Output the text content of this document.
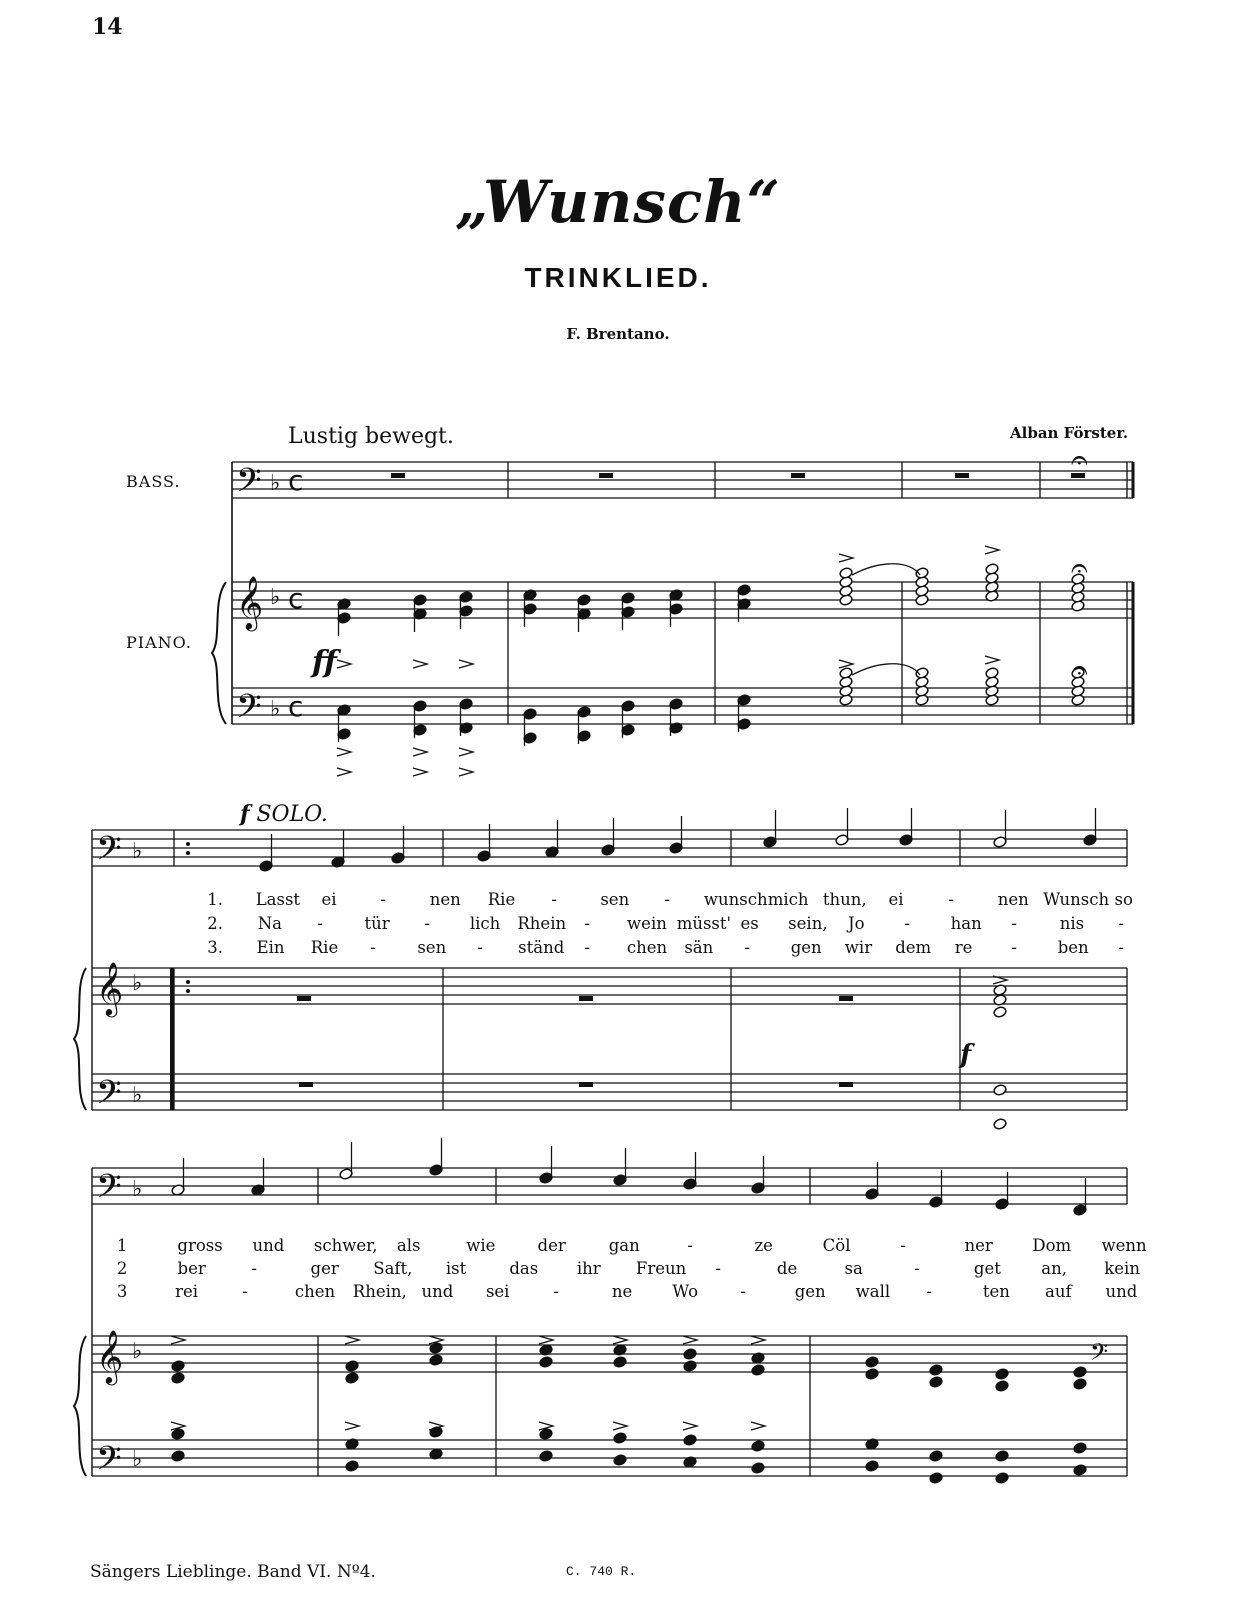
14
„Wunsch“
TRINKLIED.
F. Brentano.
Alban Förster.
Lustig bewegt.
BASS.
PIANO.
ff
f SOLO.
f
𝄢
𝄞
𝄢
♭
♭
♭
c
c
c
𝄐
𝄐
𝄐
𝄢
𝄞
𝄢
♭
♭
♭
𝄢
𝄞
𝄢
♭
♭
♭
𝄢
1. Lasst ei	-	nen Rie -	sen - wunsch mich thun, ei	-	nen Wunsch so
2. Na -	tür - lich Rhein - wein müsst' es sein, Jo - han -	nis -
3. Ein Rie -	sen - ständ - chen sän - gen wir dem re - ben -
1	gross und schwer, als	wie	der	gan	-	ze	Cöl	-	ner Dom wenn
2	ber	-	ger Saft, ist	das ihr Freun -	de	sa	-	get an, kein
3	rei	-	chen Rhein, und sei	-	ne Wo	-	gen wall -	ten auf und
Sängers Lieblinge. Band VI. Nº4.	C. 740 R.
